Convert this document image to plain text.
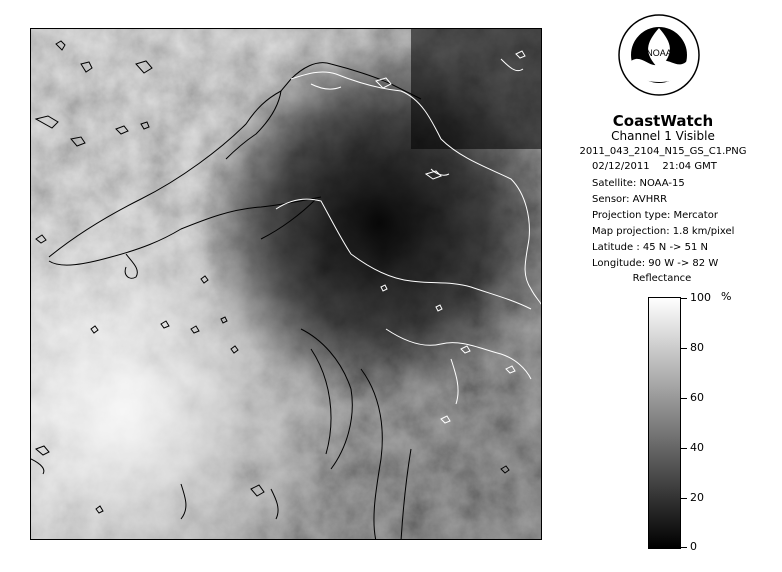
NOAA
CoastWatch
Channel 1 Visible
2011_043_2104_N15_GS_C1.PNG
02/12/2011    21:04 GMT
Satellite: NOAA-15
Sensor: AVHRR
Projection type: Mercator
Map projection: 1.8 km/pixel
Latitude : 45 N -> 51 N
Longitude: 90 W -> 82 W
Reflectance
%
100
80
60
40
20
0
